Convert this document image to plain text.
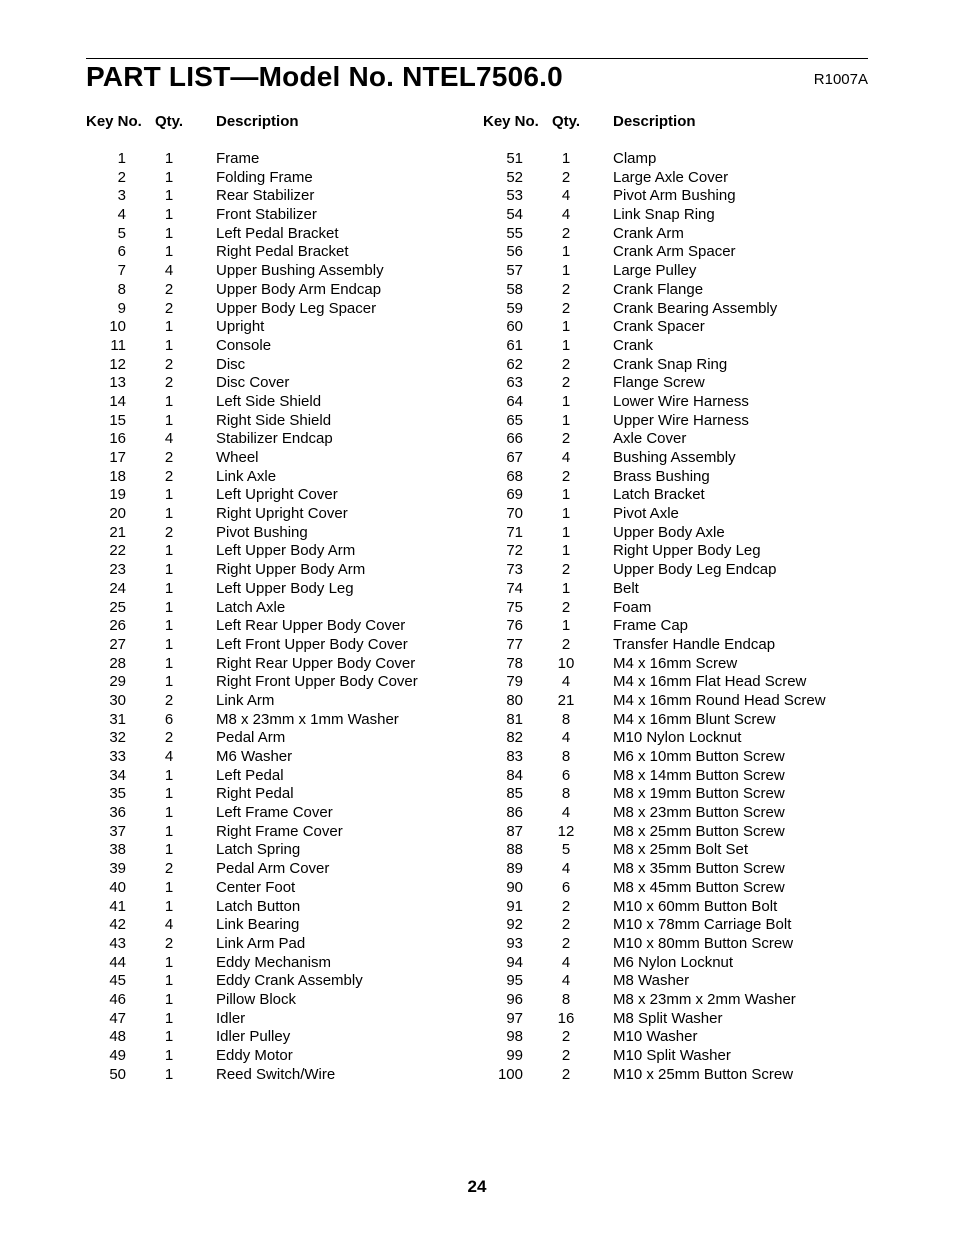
PART LIST—Model No. NTEL7506.0	R1007A
Key No. Qty. Description
1	1	Frame
2	1	Folding Frame
3	1	Rear Stabilizer
4	1	Front Stabilizer
5	1	Left Pedal Bracket
6	1	Right Pedal Bracket
7	4	Upper Bushing Assembly
8	2	Upper Body Arm Endcap
9	2	Upper Body Leg Spacer
10	1	Upright
11	1	Console
12	2	Disc
13	2	Disc Cover
14	1	Left Side Shield
15	1	Right Side Shield
16	4	Stabilizer Endcap
17	2	Wheel
18	2	Link Axle
19	1	Left Upright Cover
20	1	Right Upright Cover
21	2	Pivot Bushing
22	1	Left Upper Body Arm
23	1	Right Upper Body Arm
24	1	Left Upper Body Leg
25	1	Latch Axle
26	1	Left Rear Upper Body Cover
27	1	Left Front Upper Body Cover
28	1	Right Rear Upper Body Cover
29	1	Right Front Upper Body Cover
30	2	Link Arm
31	6	M8 x 23mm x 1mm Washer
32	2	Pedal Arm
33	4	M6 Washer
34	1	Left Pedal
35	1	Right Pedal
36	1	Left Frame Cover
37	1	Right Frame Cover
38	1	Latch Spring
39	2	Pedal Arm Cover
40	1	Center Foot
41	1	Latch Button
42	4	Link Bearing
43	2	Link Arm Pad
44	1	Eddy Mechanism
45	1	Eddy Crank Assembly
46	1	Pillow Block
47	1	Idler
48	1	Idler Pulley
49	1	Eddy Motor
50	1	Reed Switch/Wire
Key No. Qty. Description
51	1	Clamp
52	2	Large Axle Cover
53	4	Pivot Arm Bushing
54	4	Link Snap Ring
55	2	Crank Arm
56	1	Crank Arm Spacer
57	1	Large Pulley
58	2	Crank Flange
59	2	Crank Bearing Assembly
60	1	Crank Spacer
61	1	Crank
62	2	Crank Snap Ring
63	2	Flange Screw
64	1	Lower Wire Harness
65	1	Upper Wire Harness
66	2	Axle Cover
67	4	Bushing Assembly
68	2	Brass Bushing
69	1	Latch Bracket
70	1	Pivot Axle
71	1	Upper Body Axle
72	1	Right Upper Body Leg
73	2	Upper Body Leg Endcap
74	1	Belt
75	2	Foam
76	1	Frame Cap
77	2	Transfer Handle Endcap
78 10	M4 x 16mm Screw
79	4	M4 x 16mm Flat Head Screw
80 21	M4 x 16mm Round Head Screw
81	8	M4 x 16mm Blunt Screw
82	4	M10 Nylon Locknut
83	8	M6 x 10mm Button Screw
84	6	M8 x 14mm Button Screw
85	8	M8 x 19mm Button Screw
86	4	M8 x 23mm Button Screw
87 12	M8 x 25mm Button Screw
88	5	M8 x 25mm Bolt Set
89	4	M8 x 35mm Button Screw
90	6	M8 x 45mm Button Screw
91	2	M10 x 60mm Button Bolt
92	2	M10 x 78mm Carriage Bolt
93	2	M10 x 80mm Button Screw
94	4	M6 Nylon Locknut
95	4	M8 Washer
96	8	M8 x 23mm x 2mm Washer
97 16	M8 Split Washer
98	2	M10 Washer
99	2	M10 Split Washer
100	2	M10 x 25mm Button Screw
24
